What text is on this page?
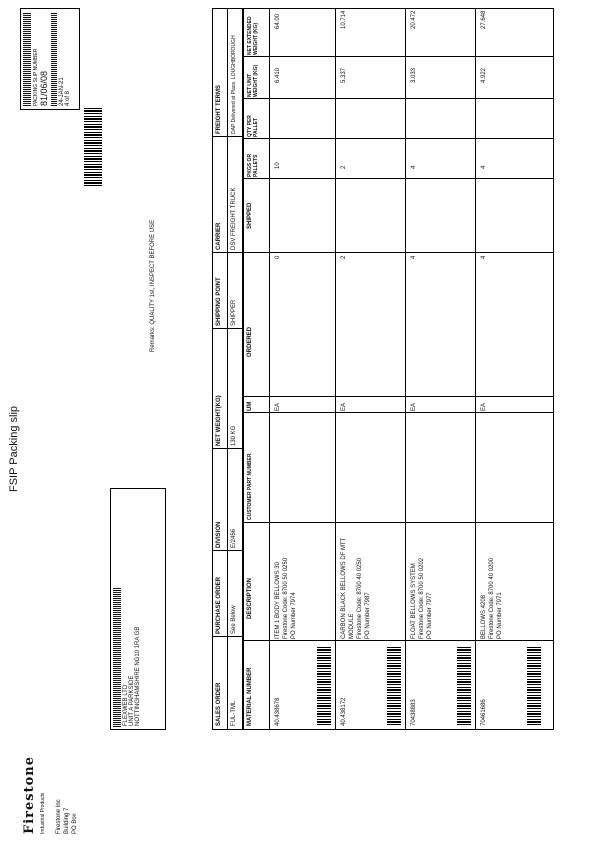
FSIP Packing slip
Firestone Industrial Products Firestone Inc Building 7 PO Box
PACKING SLIP NUMBER 81/06/08 24-JAN-21 4 of 8
FLEXWEB LTD UNIT A PARKSIDE NOTTINGHAMSHIRE NG10 1RA GB
Remarks: QUALITY 1st, INSPECT BEFORE USE
SALES ORDER
PURCHASE ORDER
DIVISION
NET WEIGHT(KG)
SHIPPING POINT
CARRIER
FREIGHT TERMS
FUL-TML
See Below
E/2456
130 KG
SHIPPER
DSV FREIGHT TRUCK
DAP Delivered at Place, LOUGHBOROUGH
MATERIAL NUMBER
DESCRIPTION
CUSTOMER PART NUMBER
UM
ORDERED
SHIPPED
PKGS OR PALLETS
QTY PER PALLET
NET UNIT WEIGHT (KG)
NET EXTENDED WEIGHT (KG)
40.438678
ITEM 1 BODY BELLOWS 30 Firestone Code: 8700 50 0250 PO Number 7974
EA
0
10
6.410
64.00
40.438172
CARBON BLACK BELLOWS DF MTT MODULE Firestone Code: 8700 40 0250 PO Number 7987
EA
2
2
5.337
10.714
70438883
FLOAT BELLOWS SYSTEM Firestone Code: 8700 50 0202 PO Number 7977
EA
4
4
3.033
20.472
70461686
BELLOWS 4208 Firestone Code: 8700 40 0200 PO Number 7971
EA
4
4
4.922
27.648
